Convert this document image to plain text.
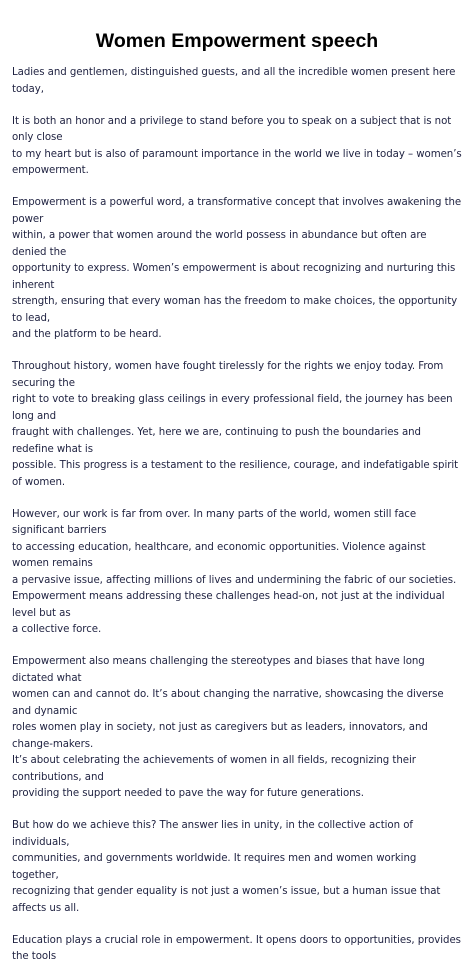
Women Empowerment speech

Ladies and gentlemen, distinguished guests, and all the incredible women present here today,

It is both an honor and a privilege to stand before you to speak on a subject that is not only close
to my heart but is also of paramount importance in the world we live in today – women’s
empowerment.

Empowerment is a powerful word, a transformative concept that involves awakening the power
within, a power that women around the world possess in abundance but often are denied the
opportunity to express. Women’s empowerment is about recognizing and nurturing this inherent
strength, ensuring that every woman has the freedom to make choices, the opportunity to lead,
and the platform to be heard.

Throughout history, women have fought tirelessly for the rights we enjoy today. From securing the
right to vote to breaking glass ceilings in every professional field, the journey has been long and
fraught with challenges. Yet, here we are, continuing to push the boundaries and redefine what is
possible. This progress is a testament to the resilience, courage, and indefatigable spirit of women.

However, our work is far from over. In many parts of the world, women still face significant barriers
to accessing education, healthcare, and economic opportunities. Violence against women remains
a pervasive issue, affecting millions of lives and undermining the fabric of our societies.
Empowerment means addressing these challenges head-on, not just at the individual level but as
a collective force.

Empowerment also means challenging the stereotypes and biases that have long dictated what
women can and cannot do. It’s about changing the narrative, showcasing the diverse and dynamic
roles women play in society, not just as caregivers but as leaders, innovators, and change-makers.
It’s about celebrating the achievements of women in all fields, recognizing their contributions, and
providing the support needed to pave the way for future generations.

But how do we achieve this? The answer lies in unity, in the collective action of individuals,
communities, and governments worldwide. It requires men and women working together,
recognizing that gender equality is not just a women’s issue, but a human issue that affects us all.

Education plays a crucial role in empowerment. It opens doors to opportunities, provides the tools
